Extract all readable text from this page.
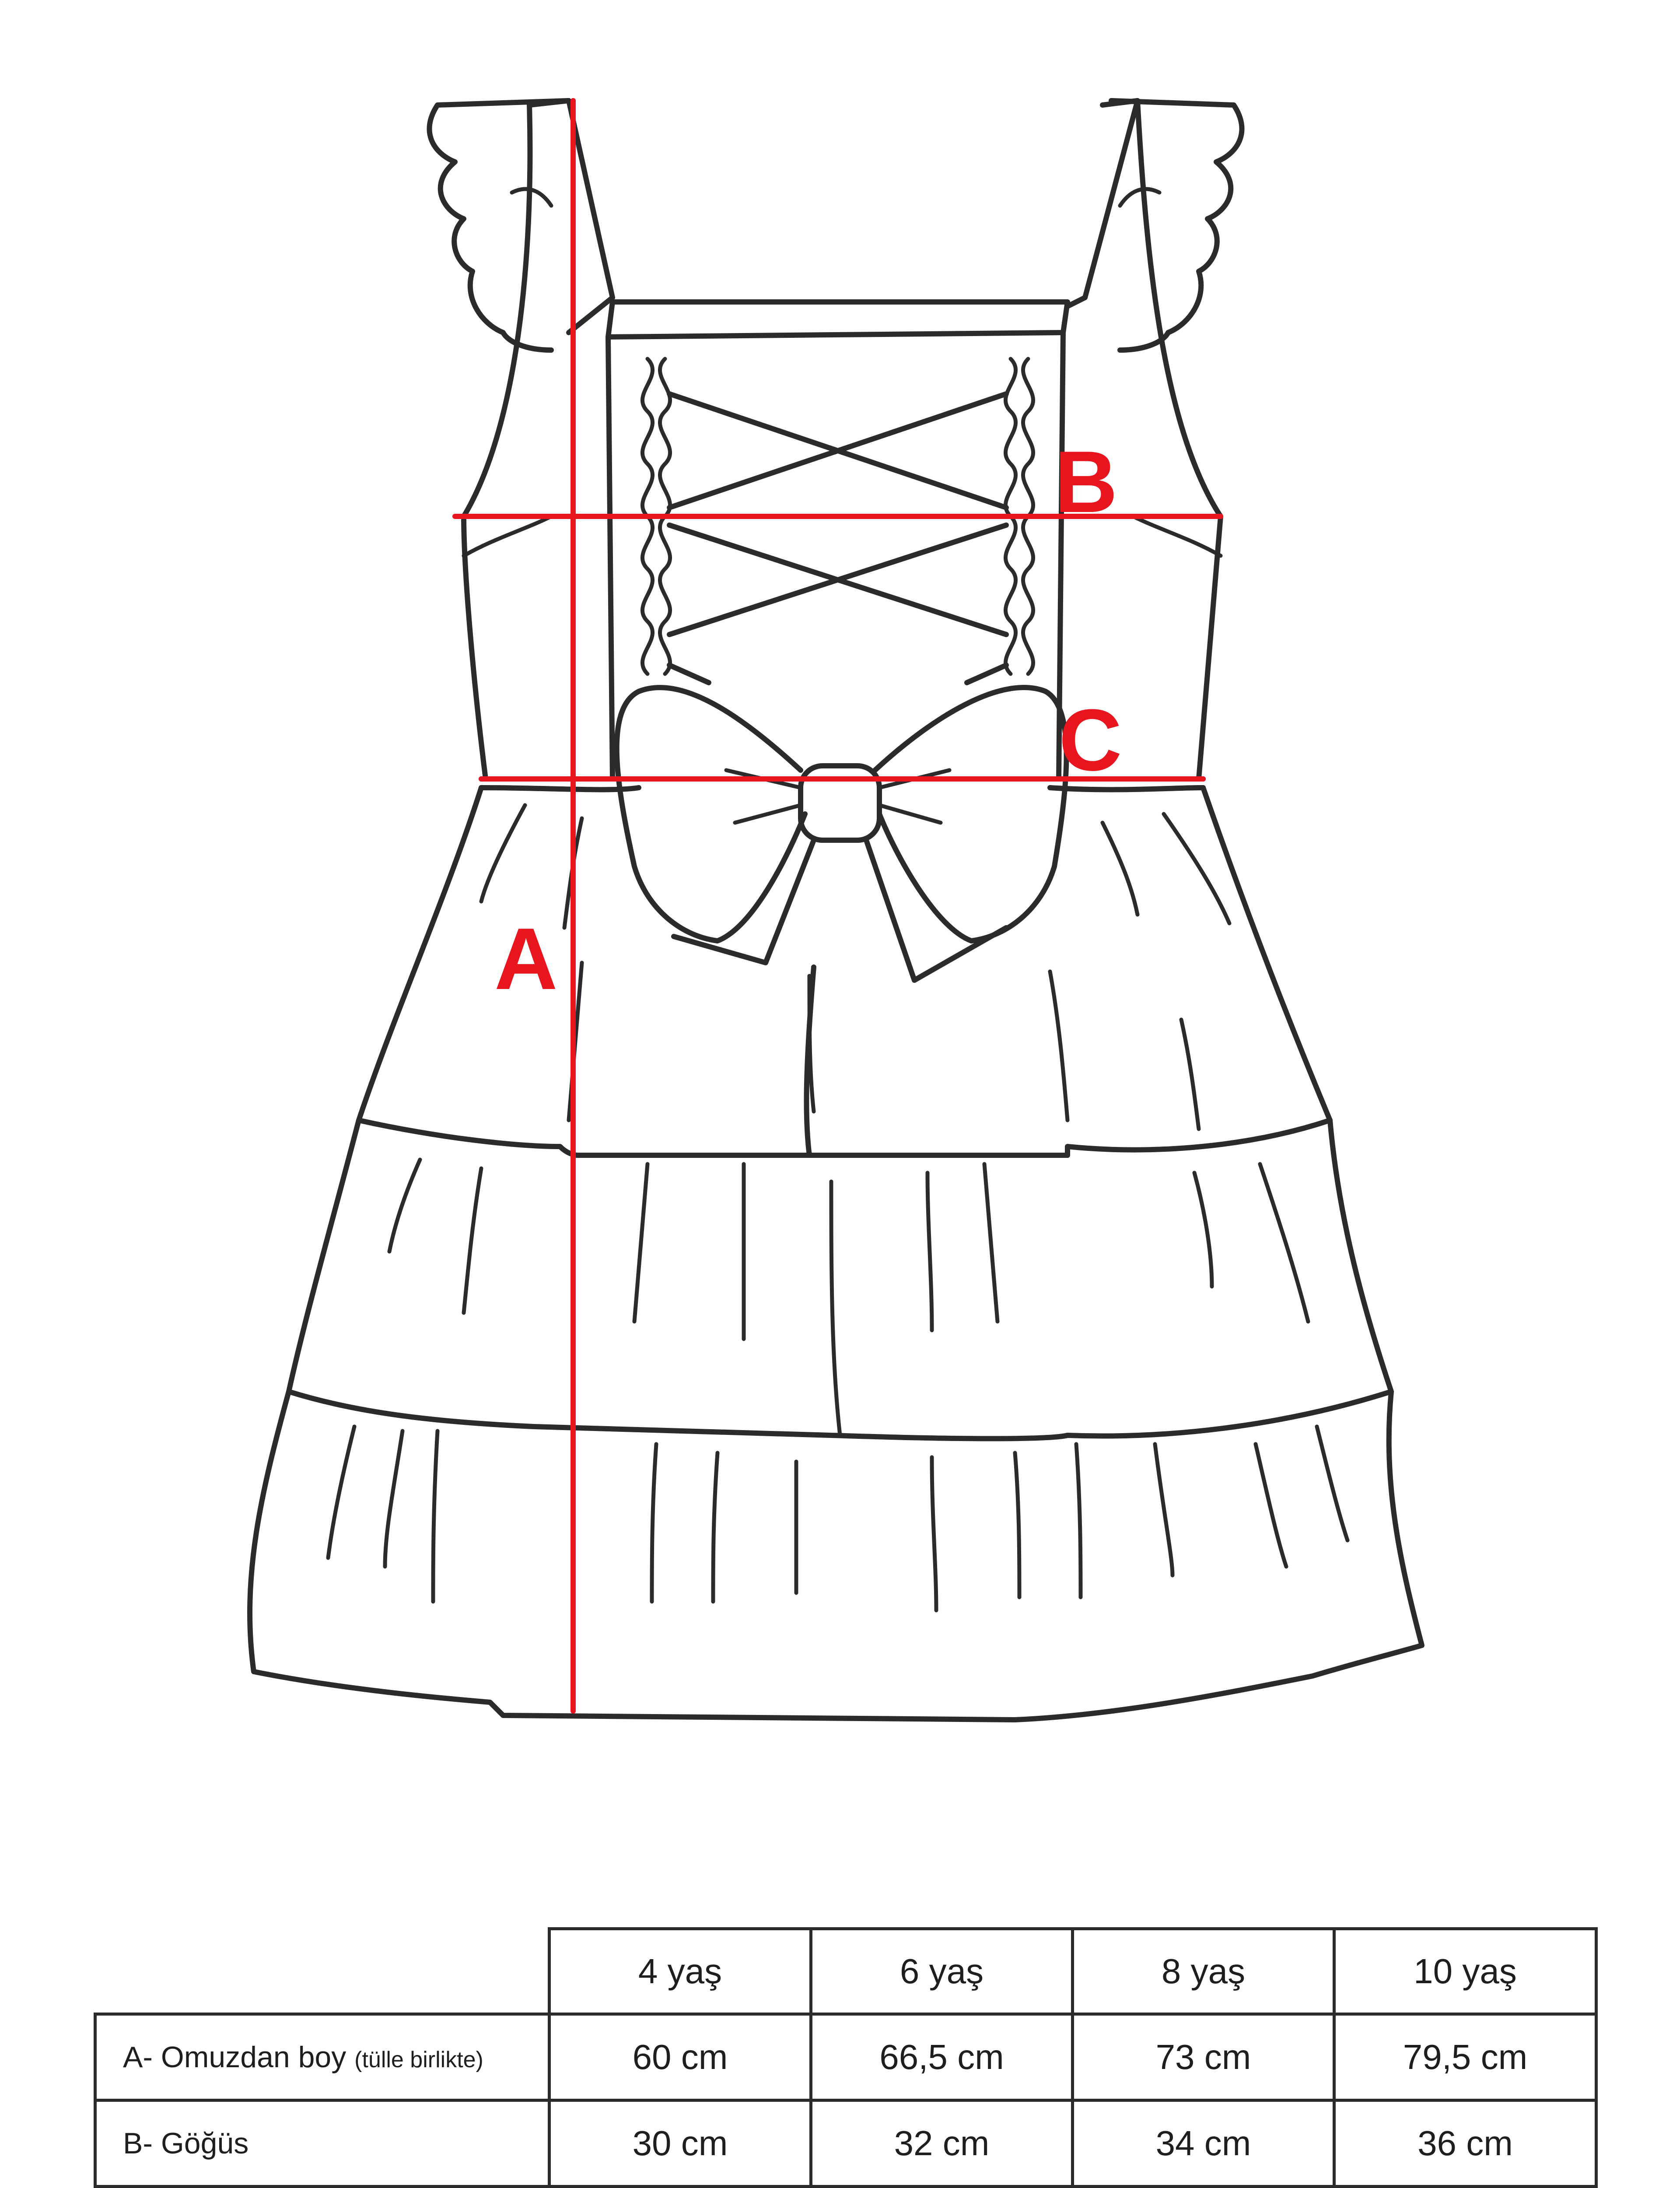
A
B
C
	4 yaş	6 yaş	8 yaş	10 yaş
A- Omuzdan boy (tülle birlikte)	60 cm	66,5 cm	73 cm	79,5 cm
B- Göğüs	30 cm	32 cm	34 cm	36 cm
